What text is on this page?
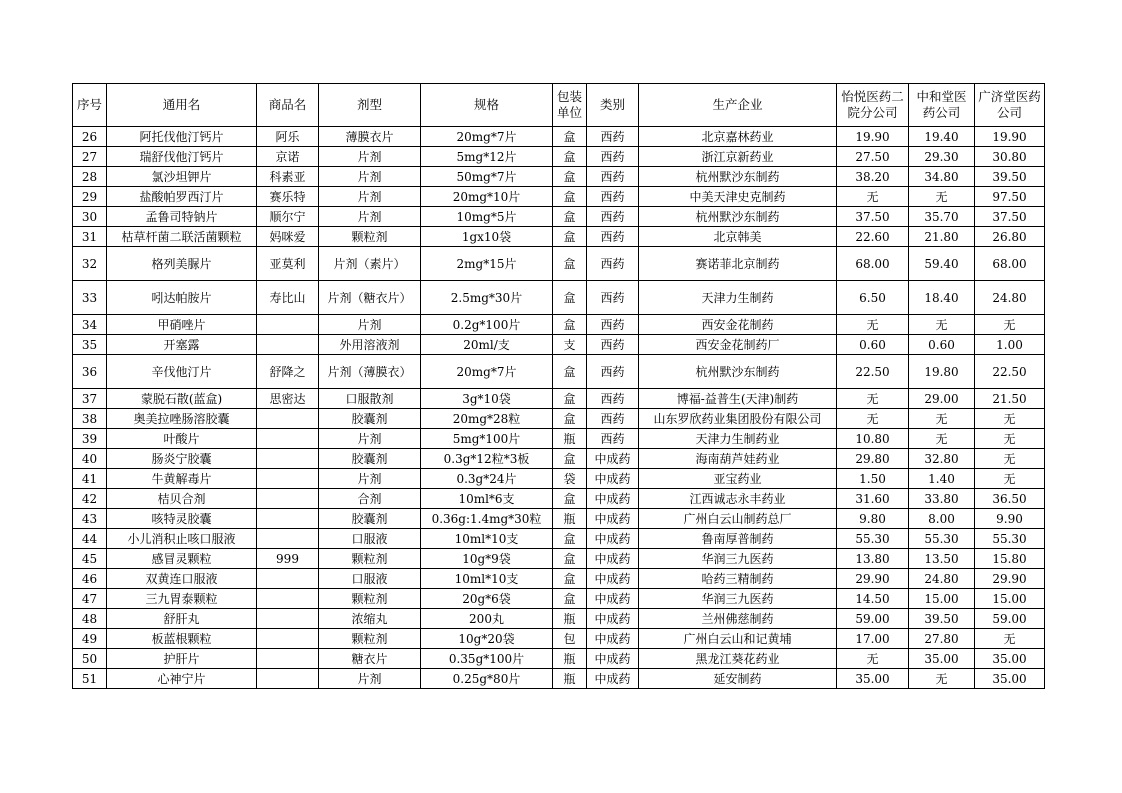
序号	通用名	商品名	剂型	规格	包装单位	类别	生产企业	怡悦医药二院分公司	中和堂医药公司	广济堂医药公司
26	阿托伐他汀钙片	阿乐	薄膜衣片	20mg*7片	盒	西药	北京嘉林药业	19.90	19.40	19.90
27	瑞舒伐他汀钙片	京诺	片剂	5mg*12片	盒	西药	浙江京新药业	27.50	29.30	30.80
28	氯沙坦钾片	科素亚	片剂	50mg*7片	盒	西药	杭州默沙东制药	38.20	34.80	39.50
29	盐酸帕罗西汀片	赛乐特	片剂	20mg*10片	盒	西药	中美天津史克制药	无	无	97.50
30	孟鲁司特钠片	顺尔宁	片剂	10mg*5片	盒	西药	杭州默沙东制药	37.50	35.70	37.50
31	枯草杆菌二联活菌颗粒	妈咪爱	颗粒剂	1gx10袋	盒	西药	北京韩美	22.60	21.80	26.80
32	格列美脲片	亚莫利	片剂（素片）	2mg*15片	盒	西药	赛诺菲北京制药	68.00	59.40	68.00
33	吲达帕胺片	寿比山	片剂（糖衣片）	2.5mg*30片	盒	西药	天津力生制药	6.50	18.40	24.80
34	甲硝唑片		片剂	0.2g*100片	盒	西药	西安金花制药	无	无	无
35	开塞露		外用溶液剂	20ml/支	支	西药	西安金花制药厂	0.60	0.60	1.00
36	辛伐他汀片	舒降之	片剂（薄膜衣）	20mg*7片	盒	西药	杭州默沙东制药	22.50	19.80	22.50
37	蒙脱石散(蓝盒)	思密达	口服散剂	3g*10袋	盒	西药	博福-益普生(天津)制药	无	29.00	21.50
38	奥美拉唑肠溶胶囊		胶囊剂	20mg*28粒	盒	西药	山东罗欣药业集团股份有限公司	无	无	无
39	叶酸片		片剂	5mg*100片	瓶	西药	天津力生制药业	10.80	无	无
40	肠炎宁胶囊		胶囊剂	0.3g*12粒*3板	盒	中成药	海南葫芦娃药业	29.80	32.80	无
41	牛黄解毒片		片剂	0.3g*24片	袋	中成药	亚宝药业	1.50	1.40	无
42	桔贝合剂		合剂	10ml*6支	盒	中成药	江西诚志永丰药业	31.60	33.80	36.50
43	咳特灵胶囊		胶囊剂	0.36g:1.4mg*30粒	瓶	中成药	广州白云山制药总厂	9.80	8.00	9.90
44	小儿消积止咳口服液		口服液	10ml*10支	盒	中成药	鲁南厚普制药	55.30	55.30	55.30
45	感冒灵颗粒	999	颗粒剂	10g*9袋	盒	中成药	华润三九医药	13.80	13.50	15.80
46	双黄连口服液		口服液	10ml*10支	盒	中成药	哈药三精制药	29.90	24.80	29.90
47	三九胃泰颗粒		颗粒剂	20g*6袋	盒	中成药	华润三九医药	14.50	15.00	15.00
48	舒肝丸		浓缩丸	200丸	瓶	中成药	兰州佛慈制药	59.00	39.50	59.00
49	板蓝根颗粒		颗粒剂	10g*20袋	包	中成药	广州白云山和记黄埔	17.00	27.80	无
50	护肝片		糖衣片	0.35g*100片	瓶	中成药	黑龙江葵花药业	无	35.00	35.00
51	心神宁片		片剂	0.25g*80片	瓶	中成药	延安制药	35.00	无	35.00
